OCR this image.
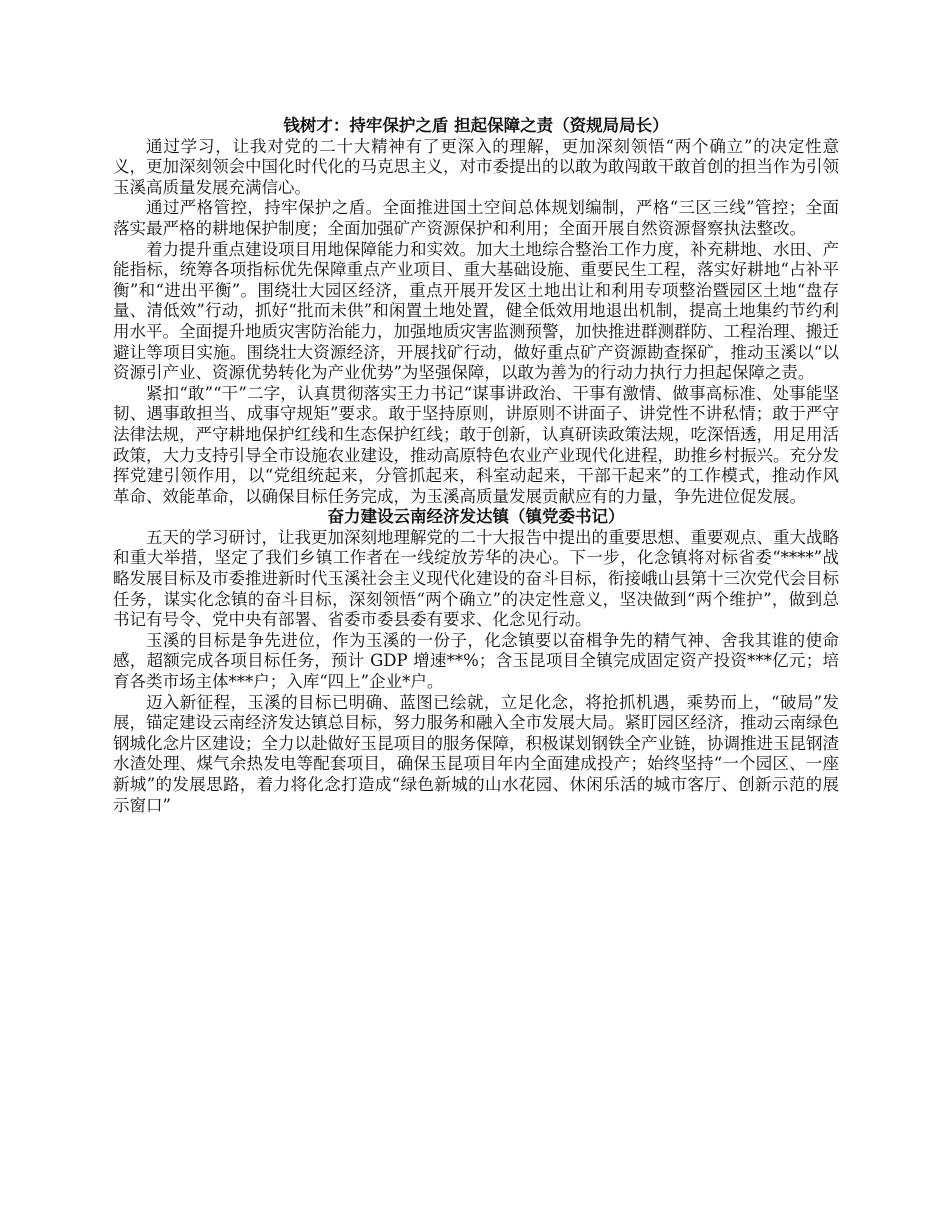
钱树才：持牢保护之盾 担起保障之责（资规局局长）

通过学习，让我对党的二十大精神有了更深入的理解，更加深刻领悟“两个确立”的决定性意义，更加深刻领会中国化时代化的马克思主义，对市委提出的以敢为敢闯敢干敢首创的担当作为引领玉溪高质量发展充满信心。

通过严格管控，持牢保护之盾。全面推进国土空间总体规划编制，严格“三区三线”管控；全面落实最严格的耕地保护制度；全面加强矿产资源保护和利用；全面开展自然资源督察执法整改。

着力提升重点建设项目用地保障能力和实效。加大土地综合整治工作力度，补充耕地、水田、产能指标，统筹各项指标优先保障重点产业项目、重大基础设施、重要民生工程，落实好耕地“占补平衡”和“进出平衡”。围绕壮大园区经济，重点开展开发区土地出让和利用专项整治暨园区土地“盘存量、清低效”行动，抓好“批而未供”和闲置土地处置，健全低效用地退出机制，提高土地集约节约利用水平。全面提升地质灾害防治能力，加强地质灾害监测预警，加快推进群测群防、工程治理、搬迁避让等项目实施。围绕壮大资源经济，开展找矿行动，做好重点矿产资源勘查探矿，推动玉溪以“以资源引产业、资源优势转化为产业优势”为坚强保障，以敢为善为的行动力执行力担起保障之责。

紧扣“敢”“干”二字，认真贯彻落实王力书记“谋事讲政治、干事有激情、做事高标准、处事能坚韧、遇事敢担当、成事守规矩”要求。敢于坚持原则，讲原则不讲面子、讲党性不讲私情；敢于严守法律法规，严守耕地保护红线和生态保护红线；敢于创新，认真研读政策法规，吃深悟透，用足用活政策，大力支持引导全市设施农业建设，推动高原特色农业产业现代化进程，助推乡村振兴。充分发挥党建引领作用，以“党组统起来，分管抓起来，科室动起来，干部干起来”的工作模式，推动作风革命、效能革命，以确保目标任务完成，为玉溪高质量发展贡献应有的力量，争先进位促发展。

奋力建设云南经济发达镇（镇党委书记）

五天的学习研讨，让我更加深刻地理解党的二十大报告中提出的重要思想、重要观点、重大战略和重大举措，坚定了我们乡镇工作者在一线绽放芳华的决心。下一步，化念镇将对标省委“****”战略发展目标及市委推进新时代玉溪社会主义现代化建设的奋斗目标，衔接峨山县第十三次党代会目标任务，谋实化念镇的奋斗目标，深刻领悟“两个确立”的决定性意义，坚决做到“两个维护”，做到总书记有号令、党中央有部署、省委市委县委有要求、化念见行动。

玉溪的目标是争先进位，作为玉溪的一份子，化念镇要以奋楫争先的精气神、舍我其谁的使命感，超额完成各项目标任务，预计 GDP 增速**%；含玉昆项目全镇完成固定资产投资***亿元；培育各类市场主体***户；入库“四上”企业*户。

迈入新征程，玉溪的目标已明确、蓝图已绘就，立足化念，将抢抓机遇，乘势而上，“破局”发展，锚定建设云南经济发达镇总目标，努力服务和融入全市发展大局。紧盯园区经济，推动云南绿色钢城化念片区建设；全力以赴做好玉昆项目的服务保障，积极谋划钢铁全产业链，协调推进玉昆钢渣水渣处理、煤气余热发电等配套项目，确保玉昆项目年内全面建成投产；始终坚持“一个园区、一座新城”的发展思路，着力将化念打造成“绿色新城的山水花园、休闲乐活的城市客厅、创新示范的展示窗口”
